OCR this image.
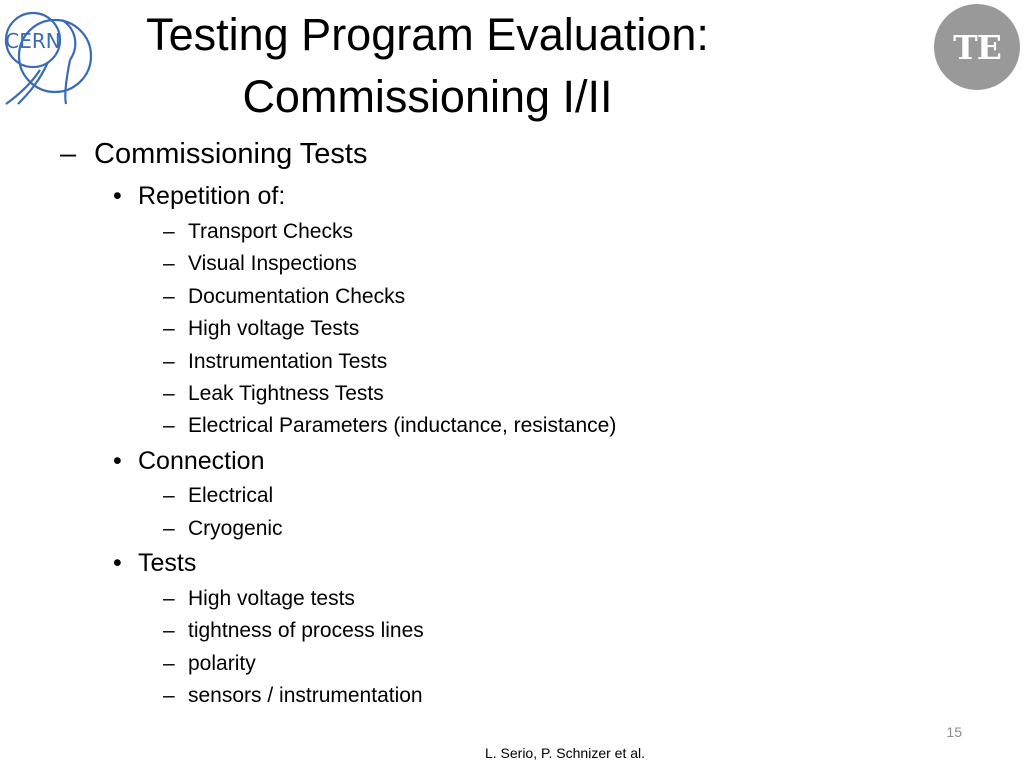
CERN	TE
Testing Program Evaluation:
Commissioning I/II
– Commissioning Tests
• Repetition of:
– Transport Checks
– Visual Inspections
– Documentation Checks
– High voltage Tests
– Instrumentation Tests
– Leak Tightness Tests
– Electrical Parameters (inductance, resistance)
• Connection
– Electrical
– Cryogenic
• Tests
– High voltage tests
– tightness of process lines
– polarity
– sensors / instrumentation
15
L. Serio, P. Schnizer et al.
